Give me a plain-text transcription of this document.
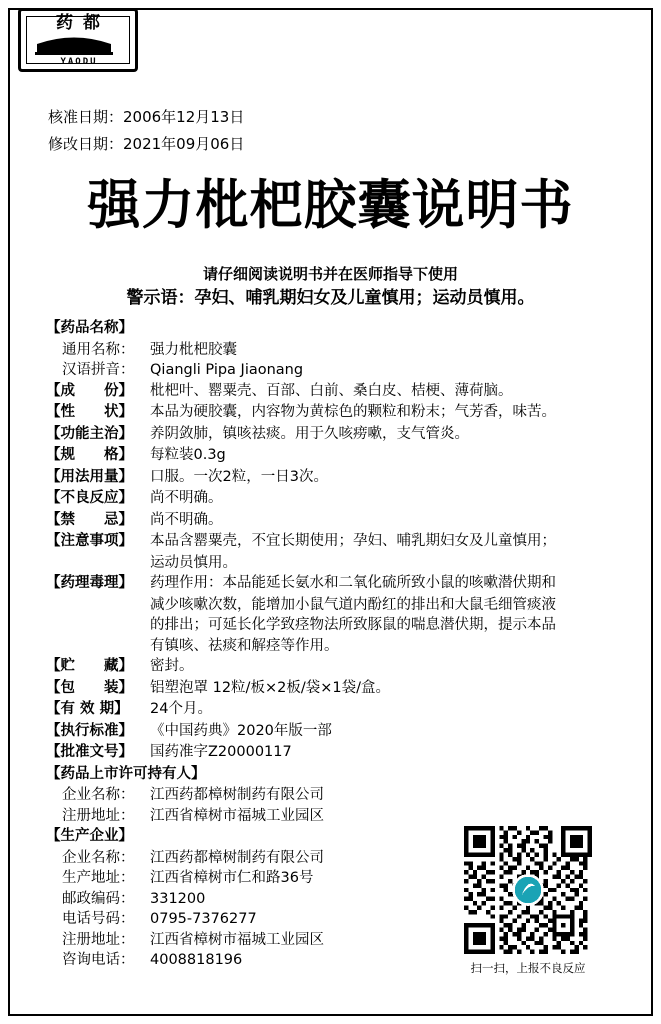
药都
YAODU
核准日期：2006年12月13日
修改日期：2021年09月06日
强力枇杷胶囊说明书
请仔细阅读说明书并在医师指导下使用
警示语：孕妇、哺乳期妇女及儿童慎用；运动员慎用。
【药品名称】
通用名称：	强力枇杷胶囊
汉语拼音：	Qiangli Pipa Jiaonang
【成　　份】	枇杷叶、罂粟壳、百部、白前、桑白皮、桔梗、薄荷脑。
【性　　状】	本品为硬胶囊，内容物为黄棕色的颗粒和粉末；气芳香，味苦。
【功能主治】	养阴敛肺，镇咳祛痰。用于久咳痨嗽，支气管炎。
【规　　格】	每粒装0.3g
【用法用量】	口服。一次2粒，一日3次。
【不良反应】	尚不明确。
【禁　　忌】	尚不明确。
【注意事项】	本品含罂粟壳，不宜长期使用；孕妇、哺乳期妇女及儿童慎用；
运动员慎用。
【药理毒理】	药理作用：本品能延长氨水和二氧化硫所致小鼠的咳嗽潜伏期和
减少咳嗽次数，能增加小鼠气道内酚红的排出和大鼠毛细管痰液
的排出；可延长化学致痉物法所致豚鼠的喘息潜伏期，提示本品
有镇咳、祛痰和解痉等作用。
【贮　　藏】	密封。
【包　　装】	铝塑泡罩 12粒/板×2板/袋×1袋/盒。
【有 效 期】	24个月。
【执行标准】	《中国药典》2020年版一部
【批准文号】	国药准字Z20000117
【药品上市许可持有人】
企业名称：	江西药都樟树制药有限公司
注册地址：	江西省樟树市福城工业园区
【生产企业】
企业名称：	江西药都樟树制药有限公司
生产地址：	江西省樟树市仁和路36号
邮政编码：	331200
电话号码：	0795-7376277
注册地址：	江西省樟树市福城工业园区
咨询电话：	4008818196	扫一扫，上报不良反应
